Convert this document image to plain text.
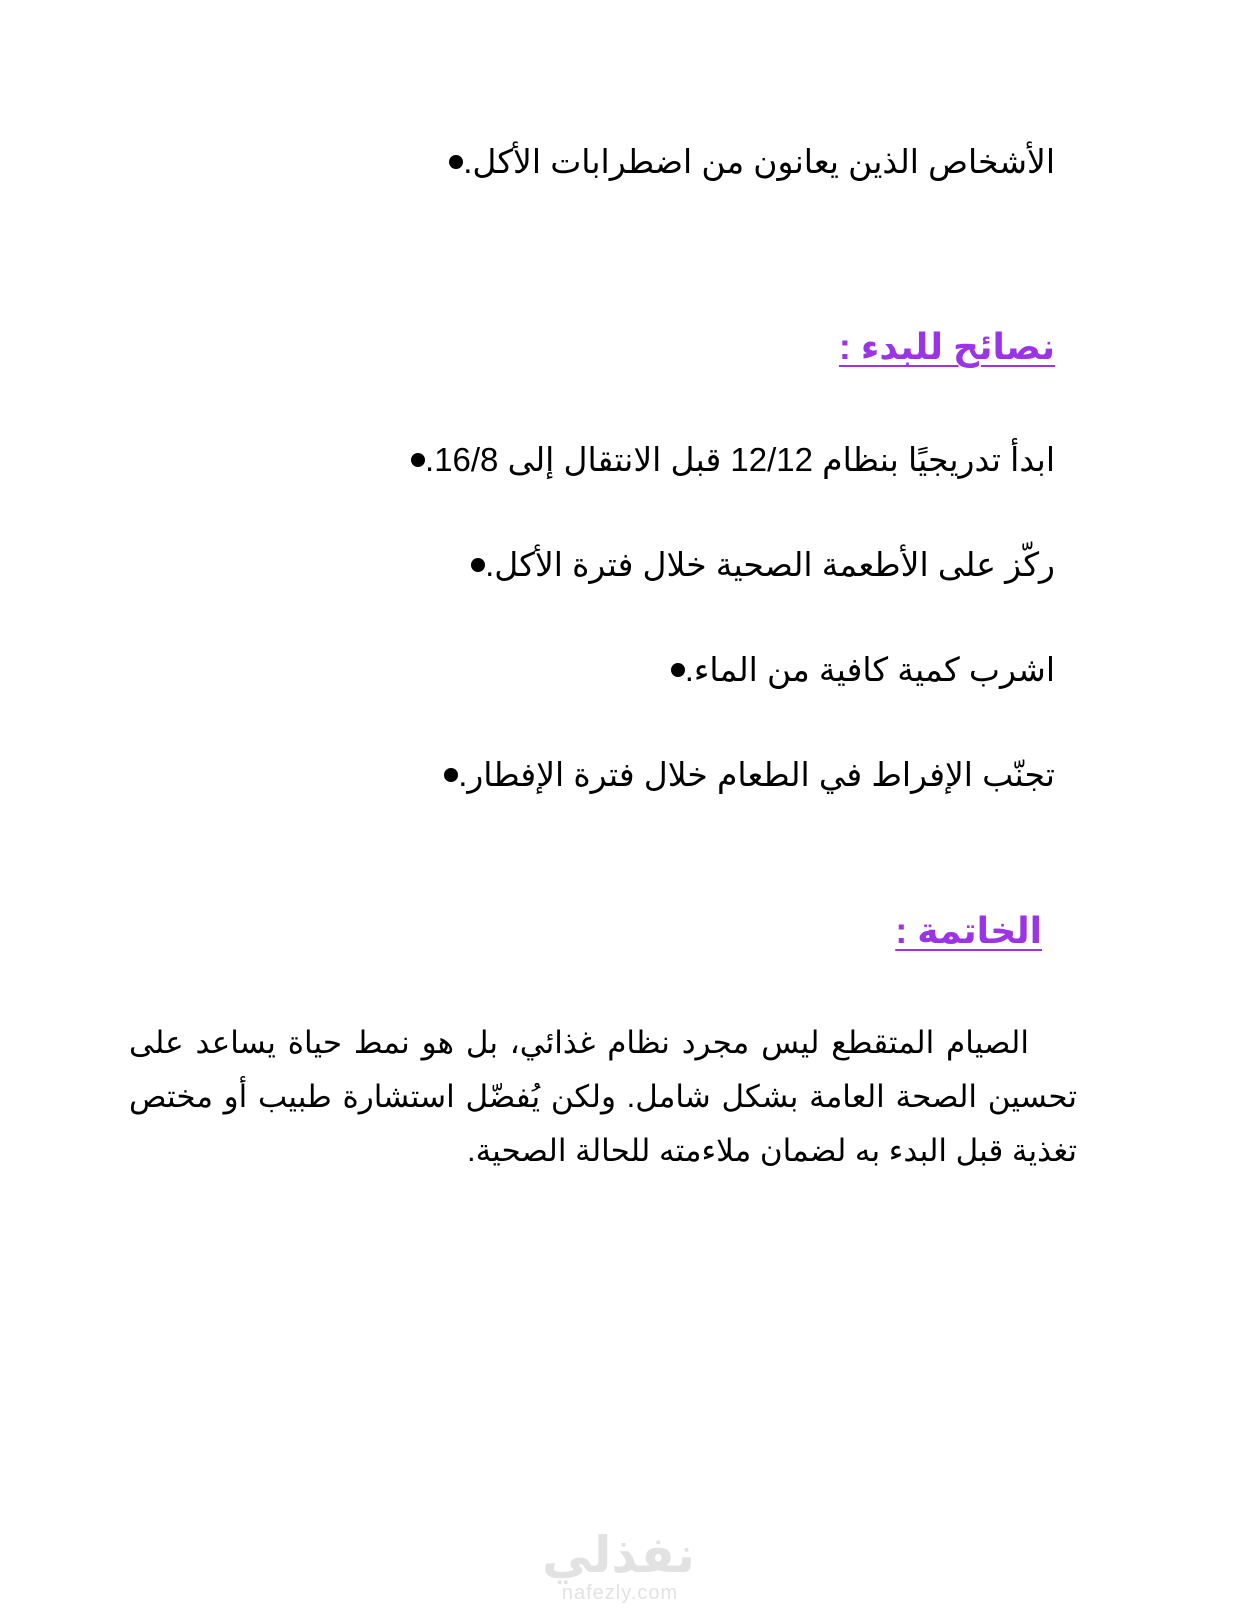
الأشخاص الذين يعانون من اضطرابات الأكل.
نصائح للبدء :
ابدأ تدريجيًا بنظام 12/12 قبل الانتقال إلى 16/8.
ركّز على الأطعمة الصحية خلال فترة الأكل.
اشرب كمية كافية من الماء.
تجنّب الإفراط في الطعام خلال فترة الإفطار.
الخاتمة :
الصيام المتقطع ليس مجرد نظام غذائي، بل هو نمط حياة يساعد على تحسين الصحة العامة بشكل شامل. ولكن يُفضّل استشارة طبيب أو مختص تغذية قبل البدء به لضمان ملاءمته للحالة الصحية.
نفذلي
nafezly.com
